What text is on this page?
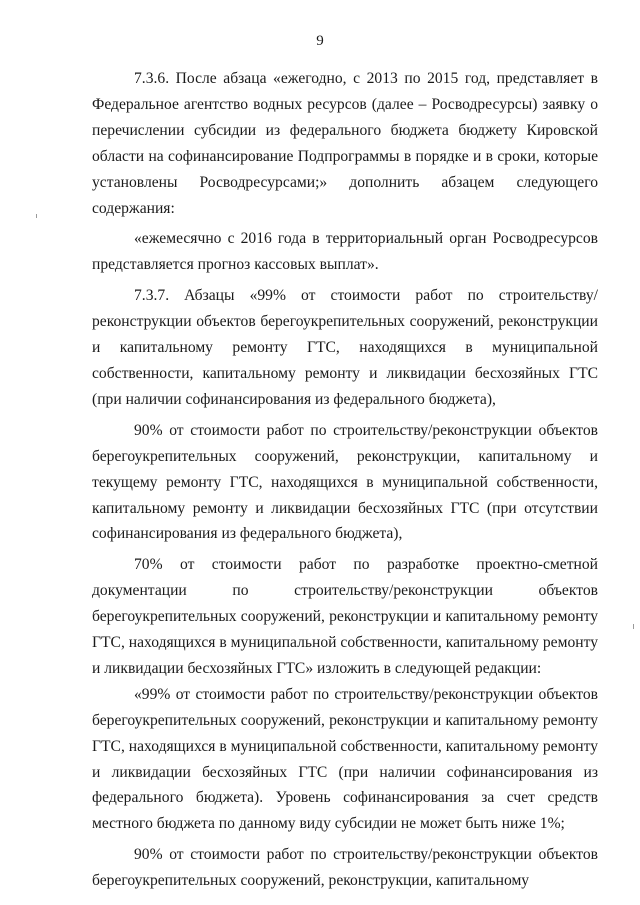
9

7.3.6. После абзаца «ежегодно, с 2013 по 2015 год, представляет в Федеральное агентство водных ресурсов (далее – Росводресурсы) заявку о перечислении субсидии из федерального бюджета бюджету Кировской области на софинансирование Подпрограммы в порядке и в сроки, которые установлены Росводресурсами;» дополнить абзацем следующего содержания:

«ежемесячно с 2016 года в территориальный орган Росводресурсов представляется прогноз кассовых выплат».

7.3.7. Абзацы «99% от стоимости работ по строительству/реконструкции объектов берегоукрепительных сооружений, реконструкции и капитальному ремонту ГТС, находящихся в муниципальной собственности, капитальному ремонту и ликвидации бесхозяйных ГТС (при наличии софинансирования из федерального бюджета),

90% от стоимости работ по строительству/реконструкции объектов берегоукрепительных сооружений, реконструкции, капитальному и текущему ремонту ГТС, находящихся в муниципальной собственности, капитальному ремонту и ликвидации бесхозяйных ГТС (при отсутствии софинансирования из федерального бюджета),

70% от стоимости работ по разработке проектно-сметной документации по строительству/реконструкции объектов берегоукрепительных сооружений, реконструкции и капитальному ремонту ГТС, находящихся в муниципальной собственности, капитальному ремонту и ликвидации бесхозяйных ГТС» изложить в следующей редакции:

«99% от стоимости работ по строительству/реконструкции объектов берегоукрепительных сооружений, реконструкции и капитальному ремонту ГТС, находящихся в муниципальной собственности, капитальному ремонту и ликвидации бесхозяйных ГТС (при наличии софинансирования из федерального бюджета). Уровень софинансирования за счет средств местного бюджета по данному виду субсидии не может быть ниже 1%;

90% от стоимости работ по строительству/реконструкции объектов берегоукрепительных сооружений, реконструкции, капитальному
